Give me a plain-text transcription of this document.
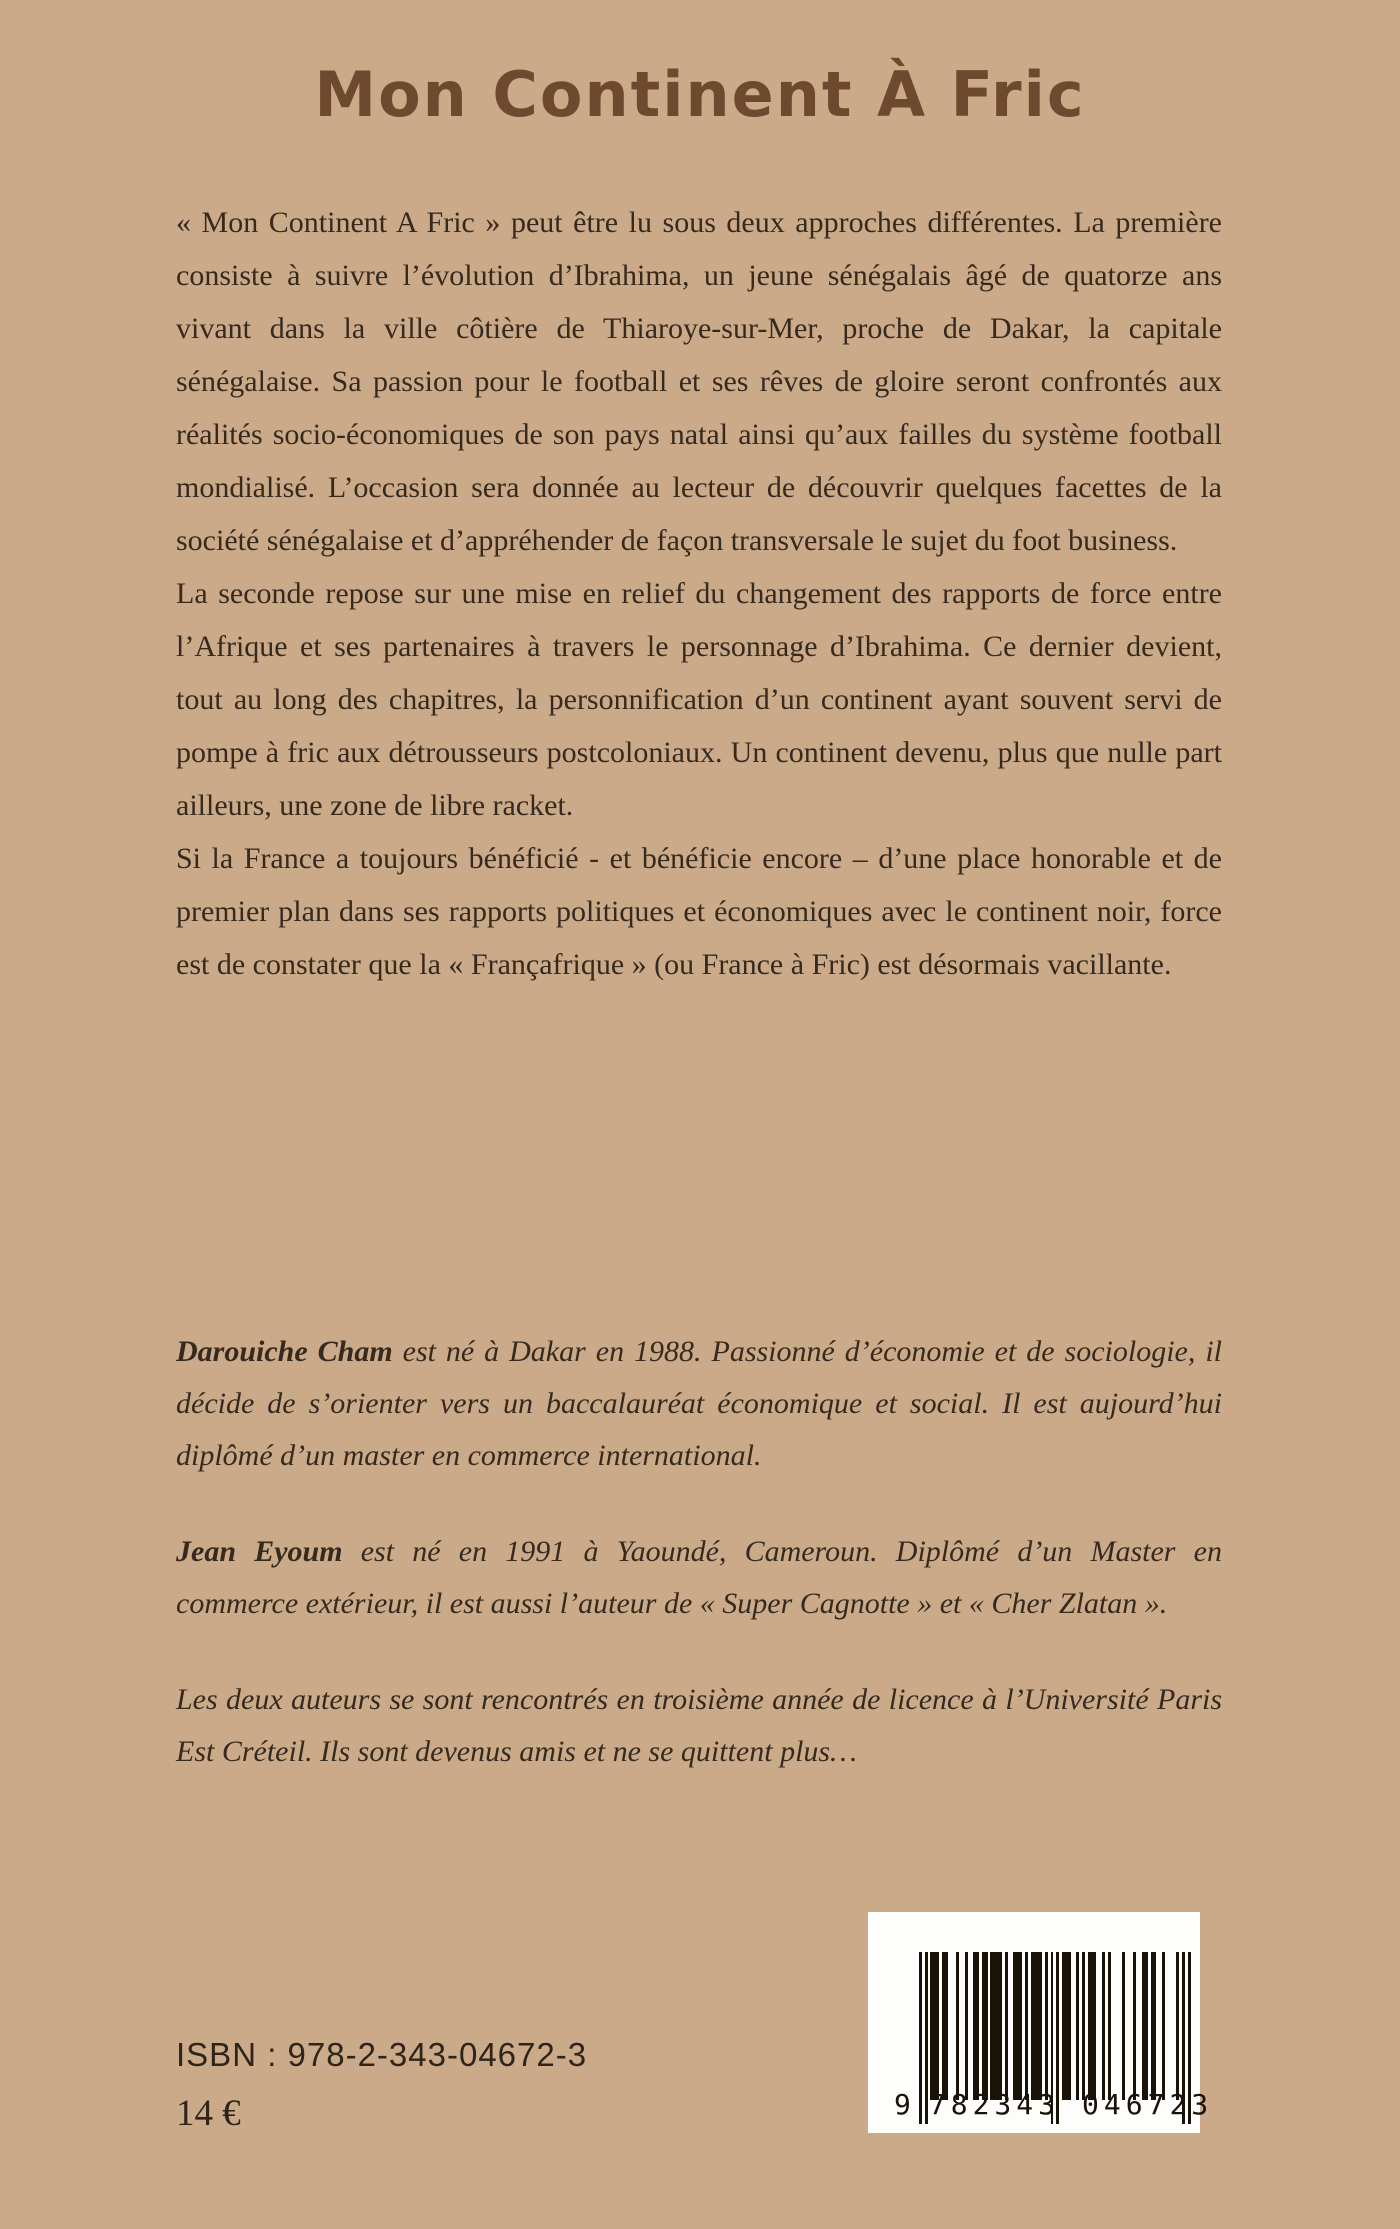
Mon Continent À Fric

« Mon Continent A Fric » peut être lu sous deux approches différentes. La première consiste à suivre l’évolution d’Ibrahima, un jeune sénégalais âgé de quatorze ans vivant dans la ville côtière de Thiaroye-sur-Mer, proche de Dakar, la capitale sénégalaise. Sa passion pour le football et ses rêves de gloire seront confrontés aux réalités socio-économiques de son pays natal ainsi qu’aux failles du système football mondialisé. L’occasion sera donnée au lecteur de découvrir quelques facettes de la société sénégalaise et d’appréhender de façon transversale le sujet du foot business.

La seconde repose sur une mise en relief du changement des rapports de force entre l’Afrique et ses partenaires à travers le personnage d’Ibrahima. Ce dernier devient, tout au long des chapitres, la personnification d’un continent ayant souvent servi de pompe à fric aux détrousseurs postcoloniaux. Un continent devenu, plus que nulle part ailleurs, une zone de libre racket.

Si la France a toujours bénéficié - et bénéficie encore – d’une place honorable et de premier plan dans ses rapports politiques et économiques avec le continent noir, force est de constater que la « Françafrique » (ou France à Fric) est désormais vacillante.

Darouiche Cham est né à Dakar en 1988. Passionné d’économie et de sociologie, il décide de s’orienter vers un baccalauréat économique et social. Il est aujourd’hui diplômé d’un master en commerce international.

Jean Eyoum est né en 1991 à Yaoundé, Cameroun. Diplômé d’un Master en commerce extérieur, il est aussi l’auteur de « Super Cagnotte » et « Cher Zlatan ».

Les deux auteurs se sont rencontrés en troisième année de licence à l’Université Paris Est Créteil. Ils sont devenus amis et ne se quittent plus…

ISBN : 978-2-343-04672-3
14 €	9 782343 046723
